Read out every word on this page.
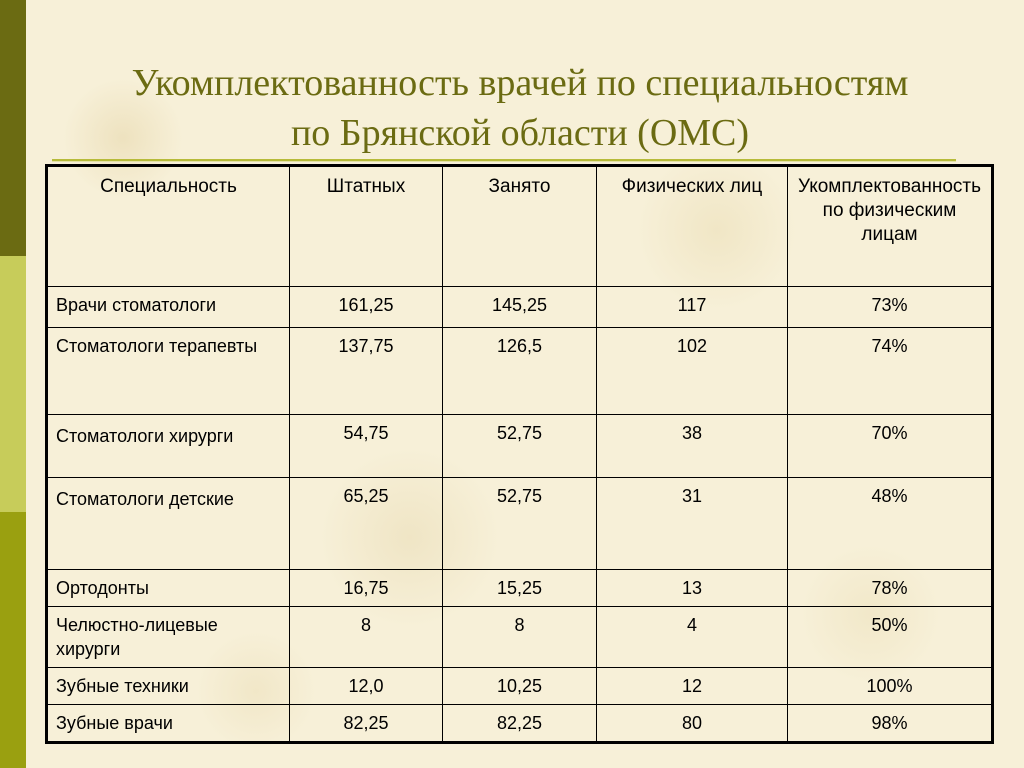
Укомплектованность врачей по специальностям
по Брянской области (ОМС)
Специальность	Штатных	Занято	Физических лиц	Укомплектованность по физическим лицам
Врачи стоматологи	161,25	145,25	117	73%
Стоматологи терапевты	137,75	126,5	102	74%
Стоматологи хирурги	54,75	52,75	38	70%
Стоматологи детские	65,25	52,75	31	48%
Ортодонты	16,75	15,25	13	78%
Челюстно-лицевые хирурги	8	8	4	50%
Зубные техники	12,0	10,25	12	100%
Зубные врачи	82,25	82,25	80	98%
